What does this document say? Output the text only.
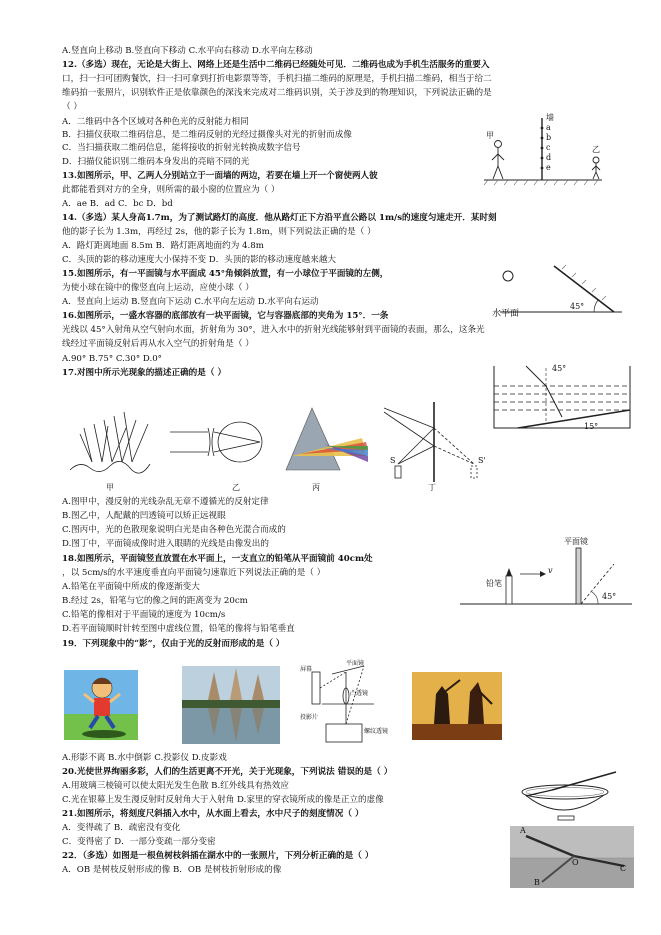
A.竖直向上移动 B.竖直向下移动 C.水平向右移动 D.水平向左移动
12.（多选）现在，无论是大街上、网络上还是生活中二维码已经随处可见．二维码也成为手机生活服务的重要入
口，扫一扫可团购餐饮，扫一扫可拿到打折电影票等等，手机扫描二维码的原理是，手机扫描二维码，相当于给二
维码拍一张照片，识别软件正是依靠颜色的深浅来完成对二维码识别，关于涉及到的物理知识，下列说法正确的是
（ ）
A．二维码中各个区域对各种色光的反射能力相同
B．扫描仪获取二维码信息，是二维码反射的光经过摄像头对光的折射而成像
C．当扫描获取二维码信息，能将接收的折射光转换成数字信号
D．扫描仪能识别二维码本身发出的亮暗不同的光
13.如图所示，甲、乙两人分别站立于一面墙的两边，若要在墙上开一个窗使两人彼
此都能看到对方的全身，则所需的最小窗的位置应为（ ）
A．ae B．ad C．bc D．bd
14.（多选）某人身高1.7m，为了测试路灯的高度．他从路灯正下方沿平直公路以 1m/s的速度匀速走开．某时刻
他的影子长为 1.3m，再经过 2s，他的影子长为 1.8m，则下列说法正确的是（ ）
A．路灯距离地面 8.5m B．路灯距离地面约为 4.8m
C．头顶的影的移动速度大小保持不变 D．头顶的影的移动速度越来越大
15.如图所示，有一平面镜与水平面成 45°角倾斜放置，有一小球位于平面镜的左侧，
为使小球在镜中的像竖直向上运动，应使小球（ ）
A．竖直向上运动 B.竖直向下运动 C.水平向左运动 D.水平向右运动
16.如图所示，一盛水容器的底部放有一块平面镜，它与容器底部的夹角为 15°．一条
光线以 45°入射角从空气射向水面，折射角为 30°，进入水中的折射光线能够射到平面镜的表面，那么，这条光
线经过平面镜反射后再从水入空气的折射角是（ ）
A.90° B.75° C.30° D.0°
17.对图中所示光现象的描述正确的是（ ）
A.图甲中，漫反射的光线杂乱无章不遵循光的反射定律
B.图乙中，人配戴的凹透镜可以矫正远视眼
C.图丙中，光的色散现象说明白光是由各种色光混合而成的
D.图丁中，平面镜成像时进入眼睛的光线是由像发出的
18.如图所示，平面镜竖直放置在水平面上，一支直立的铅笔从平面镜前 40cm处
，以 5cm/s的水平速度垂直向平面镜匀速靠近下列说法正确的是（ ）
A.铅笔在平面镜中所成的像逐渐变大
B.经过 2s，铅笔与它的像之间的距离变为 20cm
C.铅笔的像相对于平面镜的速度为 10cm/s
D.若平面镜顺时针转至图中虚线位置，铅笔的像将与铅笔垂直
19．下列现象中的“影”，仅由于光的反射而形成的是（ ）
A.形影不离 B.水中倒影 C.投影仪 D.皮影戏
20.光使世界绚丽多彩，人们的生活更离不开光，关于光现象，下列说法 错误的是（ ）
A.用玻璃三棱镜可以使太阳光发生色散 B.红外线具有热效应
C.光在银幕上发生漫反射时反射角大于入射角 D.家里的穿衣镜所成的像是正立的虚像
21.如图所示，将刻度尺斜插入水中，从水面上看去，水中尺子的刻度情况（ ）
A．变得疏了 B．疏密没有变化
C．变得密了 D．一部分变疏一部分变密
22．（多选）如图是一根鱼树枝斜插在湖水中的一张照片，下列分析正确的是（ ）
A．OB 是树枝反射形成的像 B．OB 是树枝折射形成的像
甲
乙
墙
a
b
c
d
e
45°
水平面
45°
15°
甲	乙	丙	丁
S	S'
平面镜
铅笔
v
45°
平面镜
屏幕
凸透镜
投影片
螺纹透镜
A
O
B
C
